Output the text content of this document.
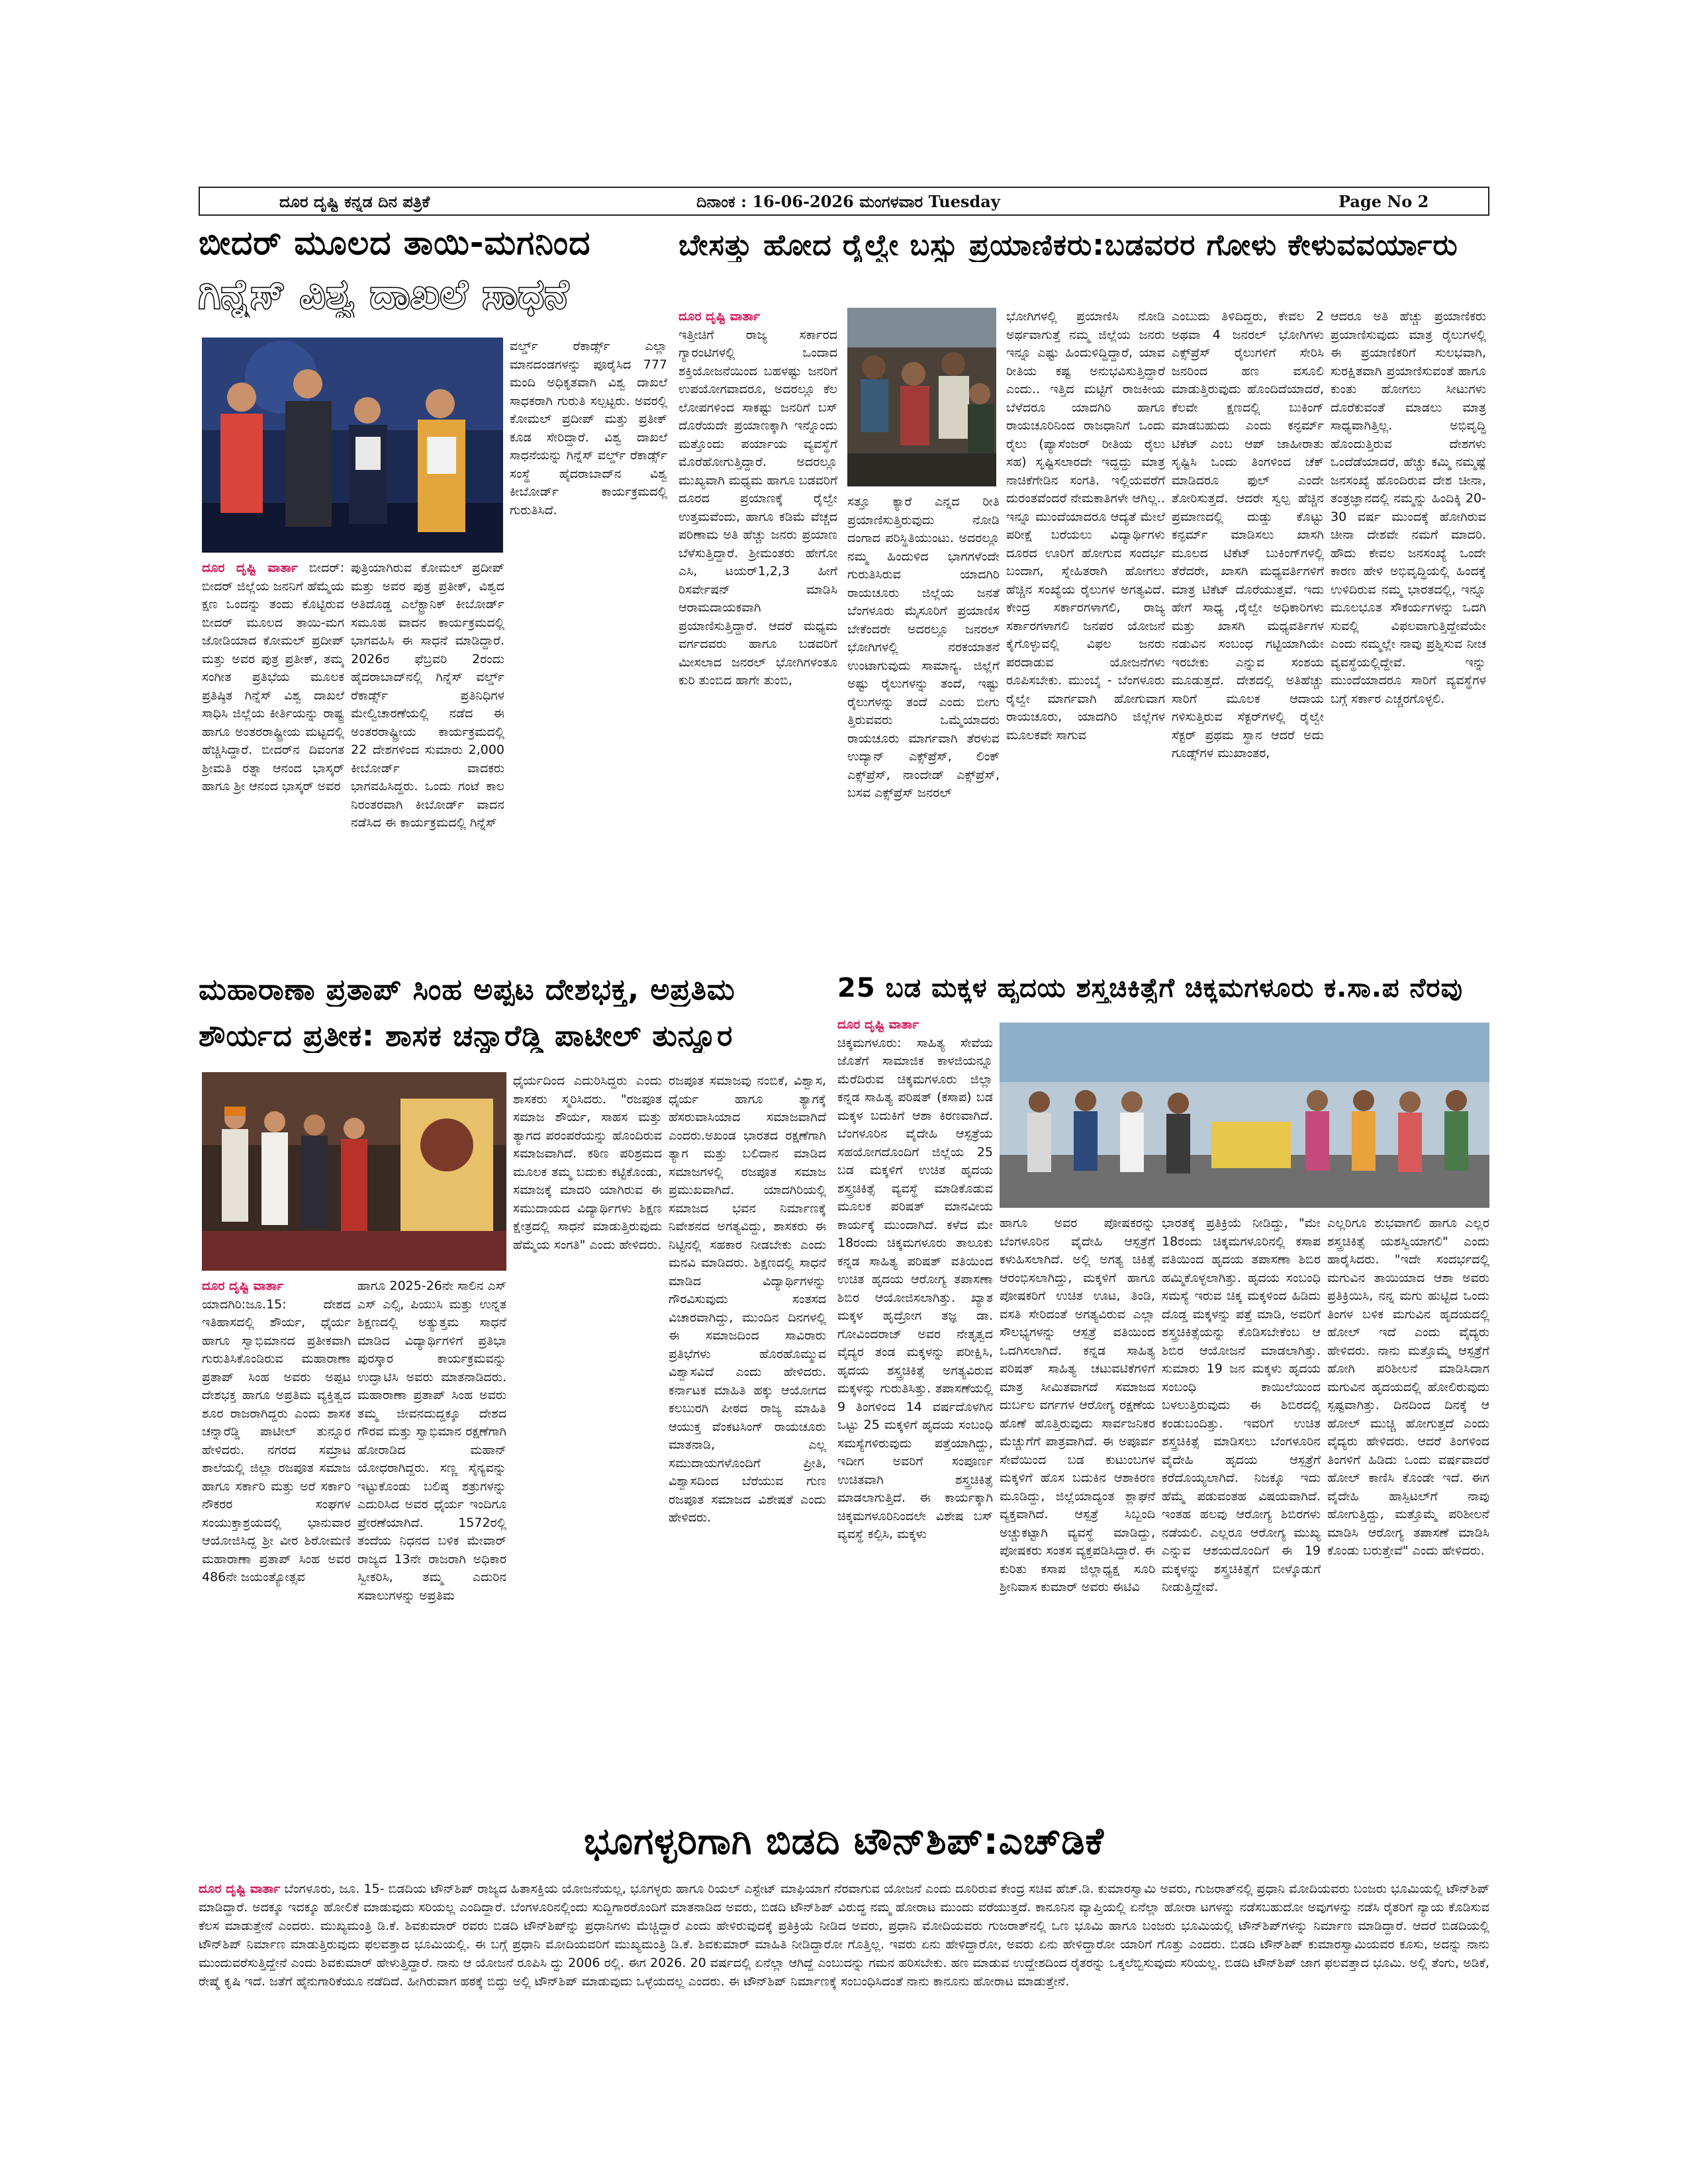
ದೂರ ದೃಷ್ಟಿ ಕನ್ನಡ ದಿನ ಪತ್ರಿಕೆ	ದಿನಾಂಕ : 16-06-2026 ಮಂಗಳವಾರ Tuesday	Page No 2
ಬೀದರ್ ಮೂಲದ ತಾಯಿ-ಮಗನಿಂದ
ಗಿನ್ನೆಸ್ ವಿಶ್ವ ದಾಖಲೆ ಸಾಧನೆ
ವರ್ಲ್ಡ್ ರೆಕಾರ್ಡ್ಸ್ ಎಲ್ಲಾ ಮಾನದಂಡಗಳನ್ನು ಪೂರೈಸಿದ 777 ಮಂದಿ ಅಧಿಕೃತವಾಗಿ ವಿಶ್ವ ದಾಖಲೆ ಸಾಧಕರಾಗಿ ಗುರುತಿ ಸಲ್ಪಟ್ಟರು. ಅವರಲ್ಲಿ ಕೋಮಲ್ ಪ್ರದೀಪ್ ಮತ್ತು ಪ್ರತೀಕ್ ಕೂಡ ಸೇರಿದ್ದಾರೆ. ವಿಶ್ವ ದಾಖಲೆ ಸಾಧನೆಯನ್ನು ಗಿನ್ನೆಸ್ ವರ್ಲ್ಡ್ ರೆಕಾರ್ಡ್ಸ್ ಸಂಸ್ಥೆ ಹೈದರಾಬಾದ್‌ನ ವಿಶ್ವ ಕೀಬೋರ್ಡ್ ಕಾರ್ಯಕ್ರಮದಲ್ಲಿ ಗುರುತಿಸಿದೆ.
ದೂರ ದೃಷ್ಟಿ ವಾರ್ತಾ ಬೀದರ್: ಬೀದರ್ ಜಿಲ್ಲೆಯ ಜನನಿಗೆ ಹೆಮ್ಮೆಯ ಕ್ಷಣ ಒಂದನ್ನು ತಂದು ಕೊಟ್ಟಿರುವ ಬೀದರ್ ಮೂಲದ ತಾಯಿ-ಮಗ ಜೋಡಿಯಾದ ಕೋಮಲ್ ಪ್ರದೀಪ್ ಮತ್ತು ಅವರ ಪುತ್ರ ಪ್ರತೀಕ್, ತಮ್ಮ ಸಂಗೀತ ಪ್ರತಿಭೆಯ ಮೂಲಕ ಪ್ರತಿಷ್ಠಿತ ಗಿನ್ನೆಸ್ ವಿಶ್ವ ದಾಖಲೆ ಸಾಧಿಸಿ ಜಿಲ್ಲೆಯ ಕೀರ್ತಿಯನ್ನು ರಾಷ್ಟ್ರ ಹಾಗೂ ಅಂತರರಾಷ್ಟ್ರೀಯ ಮಟ್ಟದಲ್ಲಿ ಹೆಚ್ಚಿಸಿದ್ದಾರೆ. ಬೀದರ್‌ನ ದಿವಂಗತ ಶ್ರೀಮತಿ ರತ್ನಾ ಆನಂದ ಭಾಸ್ಕರ್ ಹಾಗೂ ಶ್ರೀ ಆನಂದ ಭಾಸ್ಕರ್ ಅವರ
ಪುತ್ರಿಯಾಗಿರುವ ಕೋಮಲ್ ಪ್ರದೀಪ್ ಮತ್ತು ಅವರ ಪುತ್ರ ಪ್ರತೀಕ್, ವಿಶ್ವದ ಅತಿದೊಡ್ಡ ಎಲೆಕ್ಟ್ರಾನಿಕ್ ಕೀಬೋರ್ಡ್ ಸಮೂಹ ವಾದನ ಕಾರ್ಯಕ್ರಮದಲ್ಲಿ ಭಾಗವಹಿಸಿ ಈ ಸಾಧನೆ ಮಾಡಿದ್ದಾರೆ. 2026ರ ಫೆಬ್ರವರಿ 2ರಂದು ಹೈದರಾಬಾದ್‌ನಲ್ಲಿ ಗಿನ್ನೆಸ್ ವರ್ಲ್ಡ್ ರೆಕಾರ್ಡ್ಸ್ ಪ್ರತಿನಿಧಿಗಳ ಮೇಲ್ವಿಚಾರಣೆಯಲ್ಲಿ ನಡೆದ ಈ ಅಂತರರಾಷ್ಟ್ರೀಯ ಕಾರ್ಯಕ್ರಮದಲ್ಲಿ 22 ದೇಶಗಳಿಂದ ಸುಮಾರು 2,000 ಕೀಬೋರ್ಡ್ ವಾದಕರು ಭಾಗವಹಿಸಿದ್ದರು. ಒಂದು ಗಂಟೆ ಕಾಲ ನಿರಂತರವಾಗಿ ಕೀಬೋರ್ಡ್ ವಾದನ ನಡೆಸಿದ ಈ ಕಾರ್ಯಕ್ರಮದಲ್ಲಿ ಗಿನ್ನೆಸ್
ಬೇಸತ್ತು ಹೋದ ರೈಲ್ವೇ ಬಸ್ಸು ಪ್ರಯಾಣಿಕರು:ಬಡವರರ ಗೋಳು ಕೇಳುವವರ್ಯಾರು
ದೂರ ದೃಷ್ಟಿ ವಾರ್ತಾ
ಇತ್ತೀಚಿಗೆ ರಾಜ್ಯ ಸರ್ಕಾರದ ಗ್ಯಾರಂಟಿಗಳಲ್ಲಿ ಒಂದಾದ ಶಕ್ತಿಯೋಜನೆಯಿಂದ ಬಹಳಷ್ಟು ಜನರಿಗೆ ಉಪಯೋಗವಾದರೂ, ಅದರಲ್ಲೂ ಕೆಲ ಲೋಪಗಳಿಂದ ಸಾಕಷ್ಟು ಜನರಿಗೆ ಬಸ್ ದೊರೆಯದೇ ಪ್ರಯಾಣಕ್ಕಾಗಿ ಇನ್ನೊಂದು ಮತ್ತೊಂದು ಪರ್ಯಾಯ ವ್ಯವಸ್ಥೆಗೆ ಮೊರೆಹೋಗುತ್ತಿದ್ದಾರೆ. ಅದರಲ್ಲೂ ಮುಖ್ಯವಾಗಿ ಮಧ್ಯಮ ಹಾಗೂ ಬಡವರಿಗೆ ದೂರದ ಪ್ರಯಾಣಕ್ಕೆ ರೈಲ್ವೇ ಉತ್ತಮವೆಂದು, ಹಾಗೂ ಕಡಿಮೆ ವೆಚ್ಚದ ಪರಿಣಾಮ ಅತಿ ಹೆಚ್ಚು ಜನರು ಪ್ರಯಾಣ ಬೆಳೆಸುತ್ತಿದ್ದಾರೆ. ಶ್ರೀಮಂತರು ಹೇಗೋ ಎಸಿ, ಟಯರ್1,2,3 ಹೀಗೆ ರಿಸರ್ವೇಷನ್ ಮಾಡಿಸಿ ಆರಾಮದಾಯಕವಾಗಿ ಪ್ರಯಾಣಿಸುತ್ತಿದ್ದಾರೆ. ಆದರೆ ಮಧ್ಯಮ ವರ್ಗದವರು ಹಾಗೂ ಬಡವರಿಗೆ ಮೀಸಲಾದ ಜನರಲ್ ಭೋಗಿಗಳಂತೂ ಕುರಿ ತುಂಬಿದ ಹಾಗೇ ತುಂಬಿ,
ಸತ್ತೂ ಕ್ಯಾರೆ ಎನ್ನದ ರೀತಿ ಪ್ರಯಾಣಿಸುತ್ತಿರುವುದು ನೋಡಿ ದಂಗಾದ ಪರಿಸ್ಥಿತಿಯುಂಟು. ಅದರಲ್ಲೂ ನಮ್ಮ ಹಿಂದುಳಿದ ಭಾಗಗಳೆಂದೇ ಗುರುತಿಸಿರುವ ಯಾದಗಿರಿ ರಾಯಚೂರು ಜಿಲ್ಲೆಯ ಜನತೆ ಬೆಂಗಳೂರು ಮೈಸೂರಿಗೆ ಪ್ರಯಾಣಿಸ ಬೇಕೆಂದರೇ ಅದರಲ್ಲೂ ಜನರಲ್ ಭೋಗಿಗಳಲ್ಲಿ ನರಕಯಾತನೆ ಉಂಟಾಗುವುದು ಸಾಮಾನ್ಯ. ಜಿಲ್ಲೆಗೆ ಅಷ್ಟು ರೈಲುಗಳನ್ನು ತಂದೆ, ಇಷ್ಟು ರೈಲುಗಳನ್ನು ತಂದೆ ಎಂದು ಬೀಗು ತ್ತಿರುವವರು ಒಮ್ಮೆಯಾದರು ರಾಯಚೂರು ಮಾರ್ಗವಾಗಿ ತೆರಳುವ ಉದ್ಯಾನ್ ಎಕ್ಸ್‌ಪ್ರೆಸ್, ಲಿಂಕ್ ಎಕ್ಸ್‌ಪ್ರೆಸ್, ನಾಂದೇಡ್ ಎಕ್ಸ್‌ಪ್ರೆಸ್, ಬಸವ ಎಕ್ಸ್‌ಪ್ರೆಸ್ ಜನರಲ್
ಭೋಗಿಗಳಲ್ಲಿ ಪ್ರಯಾಣಿಸಿ ನೋಡಿ ಅರ್ಥವಾಗುತ್ತೆ ನಮ್ಮ ಜಿಲ್ಲೆಯ ಜನರು ಇನ್ನೂ ಎಷ್ಟು ಹಿಂದುಳಿದ್ದಿದ್ದಾರೆ, ಯಾವ ರೀತಿಯ ಕಷ್ಟ ಅನುಭವಿಸುತ್ತಿದ್ದಾರೆ ಎಂದು.. ಇತ್ತಿದ ಮಟ್ಟಿಗೆ ರಾಜಕೀಯ ಬೆಳೆದರೂ ಯಾದಗಿರಿ ಹಾಗೂ ರಾಯಚೂರಿನಿಂದ ರಾಜಧಾನಿಗೆ ಒಂದು ರೈಲು (ಪ್ಯಾಸೆಂಜರ್ ರೀತಿಯ ರೈಲು ಸಹ) ಸೃಷ್ಟಿಸಲಾರದೇ ಇದ್ದದ್ದು ಮಾತ್ರ ನಾಚಿಕೆಗೇಡಿನ ಸಂಗತಿ. ಇಲ್ಲಿಯವರೆಗೆ ದುರಂತವೆಂದರೆ ನೇಮಕಾತಿಗಳೇ ಆಗಿಲ್ಲ.. ಇನ್ನೂ ಮುಂದೆಯಾದರೂ ಆದ್ಯತೆ ಮೇಲೆ ಪರೀಕ್ಷೆ ಬರೆಯಲು ವಿದ್ಯಾರ್ಥಿಗಳು ದೂರದ ಊರಿಗೆ ಹೋಗುವ ಸಂದರ್ಭ ಬಂದಾಗ, ಸ್ನೇಹಿತರಾಗಿ ಹೋಗಲು ಹೆಚ್ಚಿನ ಸಂಖ್ಯೆಯ ರೈಲುಗಳ ಅಗತ್ಯವಿದೆ. ಕೇಂದ್ರ ಸರ್ಕಾರಗಳಾಗಲಿ, ರಾಜ್ಯ ಸರ್ಕಾರಗಳಾಗಲಿ ಜನಪರ ಯೋಜನೆ ಕೈಗೊಳ್ಳುವಲ್ಲಿ ವಿಫಲ ಜನರು ಪರದಾಡುವ ಯೋಜನೆಗಳು ರೂಪಿಸಬೇಕು. ಮುಂಬೈ - ಬೆಂಗಳೂರು ರೈಲ್ವೇ ಮಾರ್ಗವಾಗಿ ಹೋಗುವಾಗ ರಾಯಚೂರು, ಯಾದಗಿರಿ ಜಿಲ್ಲೆಗಳ ಮೂಲಕವೇ ಸಾಗುವ
ಎಂಬುದು ತಿಳಿದಿದ್ದರು, ಕೇವಲ 2 ಅಥವಾ 4 ಜನರಲ್ ಭೋಗಿಗಳು ಎಕ್ಸ್‌ಪ್ರೆಸ್ ರೈಲುಗಳಿಗೆ ಸೇರಿಸಿ ಜನರಿಂದ ಹಣ ವಸೂಲಿ ಮಾಡುತ್ತಿರುವುದು ಹೊಂದಿದೆಯಾದರೆ, ಕೆಲವೇ ಕ್ಷಣದಲ್ಲಿ ಬುಕಿಂಗ್ ಮಾಡಬಹುದು ಎಂದು ಕನ್ಫರ್ಮ್ ಟಿಕೆಟ್ ಎಂಬ ಆಪ್ ಜಾಹೀರಾತು ಸೃಷ್ಟಿಸಿ ಒಂದು ತಿಂಗಳಿಂದ ಚೆಕ್ ಮಾಡಿದರೂ ಫುಲ್ ಎಂದೇ ತೋರಿಸುತ್ತದೆ. ಆದರೇ ಸ್ವಲ್ಪ ಹೆಚ್ಚಿನ ಪ್ರಮಾಣದಲ್ಲಿ ದುಡ್ಡು ಕೊಟ್ಟು ಕನ್ಫರ್ಮ್ ಮಾಡಿಸಲು ಖಾಸಗಿ ಮೂಲದ ಟಿಕೆಟ್ ಬುಕಿಂಗ್‌ಗಳಲ್ಲಿ ತೆರೆದರೇ, ಖಾಸಗಿ ಮಧ್ಯವರ್ತಿಗಳಿಗೆ ಮಾತ್ರ ಟಿಕೆಟ್ ದೊರೆಯುತ್ತವೆ. ಇದು ಹೇಗೆ ಸಾಧ್ಯ ,ರೈಲ್ವೇ ಅಧಿಕಾರಿಗಳು ಮತ್ತು ಖಾಸಗಿ ಮಧ್ಯವರ್ತಿಗಳ ನಡುವಿನ ಸಂಬಂಧ ಗಟ್ಟಿಯಾಗಿಯೇ ಇರಬೇಕು ಎನ್ನುವ ಸಂಶಯ ಮೂಡುತ್ತದೆ. ದೇಶದಲ್ಲಿ ಅತಿಹೆಚ್ಚು ಸಾರಿಗೆ ಮೂಲಕ ಆದಾಯ ಗಳಿಸುತ್ತಿರುವ ಸೆಕ್ಟರ್‌ಗಳಲ್ಲಿ ರೈಲ್ವೇ ಸೆಕ್ಟರ್ ಪ್ರಥಮ ಸ್ಥಾನ ಆದರೆ ಅದು ಗೂಡ್ಸ್‌ಗಳ ಮುಖಾಂತರ,
ಆದರೂ ಅತಿ ಹೆಚ್ಚು ಪ್ರಯಾಣಿಕರು ಪ್ರಯಾಣಿಸುವುದು ಮಾತ್ರ ರೈಲುಗಳಲ್ಲಿ ಈ ಪ್ರಯಾಣಿಕರಿಗೆ ಸುಲಭವಾಗಿ, ಸುರಕ್ಷಿತವಾಗಿ ಪ್ರಯಾಣಿಸುವಂತೆ ಹಾಗೂ ಕುಂತು ಹೋಗಲು ಸೀಟುಗಳು ದೊರೆಕುವಂತೆ ಮಾಡಲು ಮಾತ್ರ ಸಾಧ್ಯವಾಗಿತ್ತಿಲ್ಲ. ಅಭಿವೃದ್ಧಿ ಹೊಂದುತ್ತಿರುವ ದೇಶಗಳು ಒಂದೆಡೆಯಾದರೆ, ಹೆಚ್ಚು ಕಮ್ಮಿ ನಮ್ಮಷ್ಟೆ ಜನಸಂಖ್ಯೆ ಹೊಂದಿರುವ ದೇಶ ಚೀನಾ, ತಂತ್ರಜ್ಞಾನದಲ್ಲಿ ನಮ್ಮನ್ನು ಹಿಂದಿಕ್ಕಿ 20-30 ವರ್ಷ ಮುಂದಕ್ಕೆ ಹೋಗಿರುವ ಚೀನಾ ದೇಶವೇ ನಮಗೆ ಮಾದರಿ. ಹೌದು ಕೇವಲ ಜನಸಂಖ್ಯೆ ಒಂದೇ ಕಾರಣ ಹೇಳಿ ಅಭಿವೃದ್ಧಿಯಲ್ಲಿ ಹಿಂದಕ್ಕೆ ಉಳಿದಿರುವ ನಮ್ಮ ಭಾರತದಲ್ಲಿ, ಇನ್ನೂ ಮೂಲಭೂತ ಸೌಕರ್ಯಗಳನ್ನು ಒದಗಿ ಸುವಲ್ಲಿ ವಿಫಲವಾಗುತ್ತಿದ್ದೇವೆಯೇ ಎಂದು ನಮ್ಮಲ್ಲೇ ನಾವು ಪ್ರಶ್ನಿಸುವ ನೀಚ ವ್ಯವಸ್ಥೆಯಲ್ಲಿದ್ದೇವೆ. ಇನ್ನು ಮುಂದೆಯಾದರೂ ಸಾರಿಗೆ ವ್ಯವಸ್ಥೆಗಳ ಬಗ್ಗೆ ಸರ್ಕಾರ ಎಚ್ಚರಗೊಳ್ಳಲಿ.
ಮಹಾರಾಣಾ ಪ್ರತಾಪ್ ಸಿಂಹ ಅಪ್ಪಟ ದೇಶಭಕ್ತ, ಅಪ್ರತಿಮ
ಶೌರ್ಯದ ಪ್ರತೀಕ: ಶಾಸಕ ಚನ್ನಾರೆಡ್ಡಿ ಪಾಟೀಲ್ ತುನ್ನೂರ
ಧೈರ್ಯದಿಂದ ಎದುರಿಸಿದ್ದರು ಎಂದು ಶಾಸಕರು ಸ್ಮರಿಸಿದರು. "ರಜಪೂತ ಸಮಾಜ ಶೌರ್ಯ, ಸಾಹಸ ಮತ್ತು ತ್ಯಾಗದ ಪರಂಪರೆಯನ್ನು ಹೊಂದಿರುವ ಸಮಾಜವಾಗಿದೆ. ಕಠಿಣ ಪರಿಶ್ರಮದ ಮೂಲಕ ತಮ್ಮ ಬದುಕು ಕಟ್ಟಿಕೊಂಡು, ಸಮಾಜಕ್ಕೆ ಮಾದರಿ ಯಾಗಿರುವ ಈ ಸಮುದಾಯದ ವಿದ್ಯಾರ್ಥಿಗಳು ಶಿಕ್ಷಣ ಕ್ಷೇತ್ರದಲ್ಲಿ ಸಾಧನೆ ಮಾಡುತ್ತಿರುವುದು ಹೆಮ್ಮೆಯ ಸಂಗತಿ" ಎಂದು ಹೇಳಿದರು.
ರಜಪೂತ ಸಮಾಜವು ನಂಬಿಕೆ, ವಿಶ್ವಾಸ, ಧೈರ್ಯ ಹಾಗೂ ತ್ಯಾಗಕ್ಕೆ ಹೆಸರುವಾಸಿಯಾದ ಸಮಾಜವಾಗಿದೆ ಎಂದರು.ಅಖಂಡ ಭಾರತದ ರಕ್ಷಣೆಗಾಗಿ ತ್ಯಾಗ ಮತ್ತು ಬಲಿದಾನ ಮಾಡಿದ ಸಮಾಜಗಳಲ್ಲಿ ರಜಪೂತ ಸಮಾಜ ಪ್ರಮುಖವಾಗಿದೆ. ಯಾದಗಿರಿಯಲ್ಲಿ ಸಮಾಜದ ಭವನ ನಿರ್ಮಾಣಕ್ಕೆ ನಿವೇಶನದ ಅಗತ್ಯವಿದ್ದು, ಶಾಸಕರು ಈ ನಿಟ್ಟಿನಲ್ಲಿ ಸಹಕಾರ ನೀಡಬೇಕು ಎಂದು ಮನವಿ ಮಾಡಿದರು. ಶಿಕ್ಷಣದಲ್ಲಿ ಸಾಧನೆ ಮಾಡಿದ ವಿದ್ಯಾರ್ಥಿಗಳನ್ನು ಗೌರವಿಸುವುದು ಸಂತಸದ ವಿಚಾರವಾಗಿದ್ದು, ಮುಂದಿನ ದಿನಗಳಲ್ಲಿ ಈ ಸಮಾಜದಿಂದ ಸಾವಿರಾರು ಪ್ರತಿಭೆಗಳು ಹೊರಹೊಮ್ಮುವ ವಿಶ್ವಾಸವಿದೆ ಎಂದು ಹೇಳಿದರು. ಕರ್ನಾಟಕ ಮಾಹಿತಿ ಹಕ್ಕು ಆಯೋಗದ ಕಲಬುರಗಿ ಪೀಠದ ರಾಜ್ಯ ಮಾಹಿತಿ ಆಯುಕ್ತ ವೆಂಕಟಸಿಂಗ್ ರಾಯಚೂರು ಮಾತನಾಡಿ, ಎಲ್ಲ ಸಮುದಾಯಗಳೊಂದಿಗೆ ಪ್ರೀತಿ, ವಿಶ್ವಾಸದಿಂದ ಬೆರೆಯುವ ಗುಣ ರಜಪೂತ ಸಮಾಜದ ವಿಶೇಷತೆ ಎಂದು ಹೇಳಿದರು.
ದೂರ ದೃಷ್ಟಿ ವಾರ್ತಾ
ಯಾದಗಿರಿ:ಜೂ.15: ದೇಶದ ಇತಿಹಾಸದಲ್ಲಿ ಶೌರ್ಯ, ಧೈರ್ಯ ಹಾಗೂ ಸ್ವಾಭಿಮಾನದ ಪ್ರತೀಕವಾಗಿ ಗುರುತಿಸಿಕೊಂಡಿರುವ ಮಹಾರಾಣಾ ಪ್ರತಾಪ್ ಸಿಂಹ ಅವರು ಅಪ್ಪಟ ದೇಶಭಕ್ತ ಹಾಗೂ ಅಪ್ರತಿಮ ವ್ಯಕ್ತಿತ್ವದ ಶೂರ ರಾಜರಾಗಿದ್ದರು ಎಂದು ಶಾಸಕ ಚನ್ನಾರೆಡ್ಡಿ ಪಾಟೀಲ್ ತುನ್ನೂರ ಹೇಳಿದರು. ನಗರದ ಸಮ್ರಾಟ ಶಾಲೆಯಲ್ಲಿ ಜಿಲ್ಲಾ ರಜಪೂತ ಸಮಾಜ ಹಾಗೂ ಸರ್ಕಾರಿ ಮತ್ತು ಅರೆ ಸರ್ಕಾರಿ ನೌಕರರ ಸಂಘಗಳ ಸಂಯುಕ್ತಾಶ್ರಯದಲ್ಲಿ ಭಾನುವಾರ ಆಯೋಜಿಸಿದ್ದ ಶ್ರೀ ವೀರ ಶಿರೋಮಣಿ ಮಹಾರಾಣಾ ಪ್ರತಾಪ್ ಸಿಂಹ ಅವರ 486ನೇ ಜಯಂತ್ಯೋತ್ಸವ
ಹಾಗೂ 2025-26ನೇ ಸಾಲಿನ ಎಸ್ ಎಸ್ ಎಲ್ಸಿ, ಪಿಯುಸಿ ಮತ್ತು ಉನ್ನತ ಶಿಕ್ಷಣದಲ್ಲಿ ಅತ್ಯುತ್ತಮ ಸಾಧನೆ ಮಾಡಿದ ವಿದ್ಯಾರ್ಥಿಗಳಿಗೆ ಪ್ರತಿಭಾ ಪುರಸ್ಕಾರ ಕಾರ್ಯಕ್ರಮವನ್ನು ಉದ್ಘಾಟಿಸಿ ಅವರು ಮಾತನಾಡಿದರು. ಮಹಾರಾಣಾ ಪ್ರತಾಪ್ ಸಿಂಹ ಅವರು ತಮ್ಮ ಜೀವನದುದ್ದಕ್ಕೂ ದೇಶದ ಗೌರವ ಮತ್ತು ಸ್ವಾಭಿಮಾನ ರಕ್ಷಣೆಗಾಗಿ ಹೋರಾಡಿದ ಮಹಾನ್ ಯೋಧರಾಗಿದ್ದರು. ಸಣ್ಣ ಸೈನ್ಯವನ್ನು ಇಟ್ಟುಕೊಂಡು ಬಲಿಷ್ಠ ಶತ್ರುಗಳನ್ನು ಎದುರಿಸಿದ ಅವರ ಧೈರ್ಯ ಇಂದಿಗೂ ಪ್ರೇರಣೆಯಾಗಿದೆ. 1572ರಲ್ಲಿ ತಂದೆಯ ನಿಧನದ ಬಳಿಕ ಮೇವಾರ್ ರಾಜ್ಯದ 13ನೇ ರಾಜರಾಗಿ ಅಧಿಕಾರ ಸ್ವೀಕರಿಸಿ, ತಮ್ಮ ಎದುರಿನ ಸವಾಲುಗಳನ್ನು ಅಪ್ರತಿಮ
25 ಬಡ ಮಕ್ಕಳ ಹೃದಯ ಶಸ್ತ್ರಚಿಕಿತ್ಸೆಗೆ ಚಿಕ್ಕಮಗಳೂರು ಕ.ಸಾ.ಪ ನೆರವು
ದೂರ ದೃಷ್ಟಿ ವಾರ್ತಾ
ಚಿಕ್ಕಮಗಳೂರು: ಸಾಹಿತ್ಯ ಸೇವೆಯ ಜೊತೆಗೆ ಸಾಮಾಜಿಕ ಕಾಳಜಿಯನ್ನೂ ಮೆರೆದಿರುವ ಚಿಕ್ಕಮಗಳೂರು ಜಿಲ್ಲಾ ಕನ್ನಡ ಸಾಹಿತ್ಯ ಪರಿಷತ್ (ಕಸಾಪ) ಬಡ ಮಕ್ಕಳ ಬದುಕಿಗೆ ಆಶಾ ಕಿರಣವಾಗಿದೆ. ಬೆಂಗಳೂರಿನ ವೈದೇಹಿ ಆಸ್ಪತ್ರೆಯ ಸಹಯೋಗದೊಂದಿಗೆ ಜಿಲ್ಲೆಯ 25 ಬಡ ಮಕ್ಕಳಿಗೆ ಉಚಿತ ಹೃದಯ ಶಸ್ತ್ರಚಿಕಿತ್ಸೆ ವ್ಯವಸ್ಥೆ ಮಾಡಿಕೊಡುವ ಮೂಲಕ ಪರಿಷತ್ ಮಾನವೀಯ ಕಾರ್ಯಕ್ಕೆ ಮುಂದಾಗಿದೆ. ಕಳೆದ ಮೇ 18ರಂದು ಚಿಕ್ಕಮಗಳೂರು ತಾಲೂಕು ಕನ್ನಡ ಸಾಹಿತ್ಯ ಪರಿಷತ್ ವತಿಯಿಂದ ಉಚಿತ ಹೃದಯ ಆರೋಗ್ಯ ತಪಾಸಣಾ ಶಿಬಿರ ಆಯೋಜಿಸಲಾಗಿತ್ತು. ಖ್ಯಾತ ಮಕ್ಕಳ ಹೃದ್ರೋಗ ತಜ್ಞ ಡಾ. ಗೋವಿಂದರಾಜ್ ಅವರ ನೇತೃತ್ವದ ವೈದ್ಯರ ತಂಡ ಮಕ್ಕಳನ್ನು ಪರೀಕ್ಷಿಸಿ, ಹೃದಯ ಶಸ್ತ್ರಚಿಕಿತ್ಸೆ ಅಗತ್ಯವಿರುವ ಮಕ್ಕಳನ್ನು ಗುರುತಿಸಿತ್ತು. ತಪಾಸಣೆಯಲ್ಲಿ 9 ತಿಂಗಳಿಂದ 14 ವರ್ಷದೊಳಗಿನ ಒಟ್ಟು 25 ಮಕ್ಕಳಿಗೆ ಹೃದಯ ಸಂಬಂಧಿ ಸಮಸ್ಯೆಗಳಿರುವುದು ಪತ್ತೆಯಾಗಿದ್ದು, ಇದೀಗ ಅವರಿಗೆ ಸಂಪೂರ್ಣ ಉಚಿತವಾಗಿ ಶಸ್ತ್ರಚಿಕಿತ್ಸೆ ಮಾಡಲಾಗುತ್ತಿದೆ. ಈ ಕಾರ್ಯಕ್ಕಾಗಿ ಚಿಕ್ಕಮಗಳೂರಿನಿಂದಲೇ ವಿಶೇಷ ಬಸ್ ವ್ಯವಸ್ಥೆ ಕಲ್ಪಿಸಿ, ಮಕ್ಕಳು
ಹಾಗೂ ಅವರ ಪೋಷಕರನ್ನು ಬೆಂಗಳೂರಿನ ವೈದೇಹಿ ಆಸ್ಪತ್ರೆಗೆ ಕಳುಹಿಸಲಾಗಿದೆ. ಅಲ್ಲಿ ಅಗತ್ಯ ಚಿಕಿತ್ಸೆ ಆರಂಭಿಸಲಾಗಿದ್ದು, ಮಕ್ಕಳಿಗೆ ಹಾಗೂ ಪೋಷಕರಿಗೆ ಉಚಿತ ಊಟ, ತಿಂಡಿ, ವಸತಿ ಸೇರಿದಂತೆ ಅಗತ್ಯವಿರುವ ಎಲ್ಲಾ ಸೌಲಭ್ಯಗಳನ್ನು ಆಸ್ಪತ್ರೆ ವತಿಯಿಂದ ಒದಗಿಸಲಾಗಿದೆ. ಕನ್ನಡ ಸಾಹಿತ್ಯ ಪರಿಷತ್ ಸಾಹಿತ್ಯ ಚಟುವಟಿಕೆಗಳಿಗೆ ಮಾತ್ರ ಸೀಮಿತವಾಗದೆ ಸಮಾಜದ ದುರ್ಬಲ ವರ್ಗಗಳ ಆರೋಗ್ಯ ರಕ್ಷಣೆಯ ಹೊಣೆ ಹೊತ್ತಿರುವುದು ಸಾರ್ವಜನಿಕರ ಮೆಚ್ಚುಗೆಗೆ ಪಾತ್ರವಾಗಿದೆ. ಈ ಅಪೂರ್ವ ಸೇವೆಯಿಂದ ಬಡ ಕುಟುಂಬಗಳ ಮಕ್ಕಳಿಗೆ ಹೊಸ ಬದುಕಿನ ಆಶಾಕಿರಣ ಮೂಡಿದ್ದು, ಜಿಲ್ಲೆಯಾದ್ಯಂತ ಶ್ಲಾಘನೆ ವ್ಯಕ್ತವಾಗಿದೆ. ಆಸ್ಪತ್ರೆ ಸಿಬ್ಬಂದಿ ಅಚ್ಚುಕಟ್ಟಾಗಿ ವ್ಯವಸ್ಥೆ ಮಾಡಿದ್ದು, ಪೋಷಕರು ಸಂತಸ ವ್ಯಕ್ತಪಡಿಸಿದ್ದಾರೆ. ಈ ಕುರಿತು ಕಸಾಪ ಜಿಲ್ಲಾಧ್ಯಕ್ಷ ಸೂರಿ ಶ್ರೀನಿವಾಸ ಕುಮಾರ್ ಅವರು ಈಟಿವಿ
ಭಾರತಕ್ಕೆ ಪ್ರತಿಕ್ರಿಯೆ ನೀಡಿದ್ದು, "ಮೇ 18ರಂದು ಚಿಕ್ಕಮಗಳೂರಿನಲ್ಲಿ ಕಸಾಪ ವತಿಯಿಂದ ಹೃದಯ ತಪಾಸಣಾ ಶಿಬಿರ ಹಮ್ಮಿಕೊಳ್ಳಲಾಗಿತ್ತು. ಹೃದಯ ಸಂಬಂಧಿ ಸಮಸ್ಯೆ ಇರುವ ಚಿಕ್ಕ ಮಕ್ಕಳಿಂದ ಹಿಡಿದು ದೊಡ್ಡ ಮಕ್ಕಳನ್ನು ಪತ್ತೆ ಮಾಡಿ, ಅವರಿಗೆ ಶಸ್ತ್ರಚಿಕಿತ್ಸೆಯನ್ನು ಕೊಡಿಸಬೇಕೆಂಬ ಆ ಶಿಬಿರ ಆಯೋಜನೆ ಮಾಡಲಾಗಿತ್ತು. ಸುಮಾರು 19 ಜನ ಮಕ್ಕಳು ಹೃದಯ ಸಂಬಂಧಿ ಕಾಯಿಲೆಯಿಂದ ಬಳಲುತ್ತಿರುವುದು ಈ ಶಿಬಿರದಲ್ಲಿ ಕಂಡುಬಂದಿತ್ತು. ಇವರಿಗೆ ಉಚಿತ ಶಸ್ತ್ರಚಿಕಿತ್ಸೆ ಮಾಡಿಸಲು ಬೆಂಗಳೂರಿನ ವೈದೇಹಿ ಹೃದಯ ಆಸ್ಪತ್ರೆಗೆ ಕರೆದೊಯ್ಯಲಾಗಿದೆ. ನಿಜಕ್ಕೂ ಇದು ಹೆಮ್ಮೆ ಪಡುವಂತಹ ವಿಷಯವಾಗಿದೆ. ಇಂತಹ ಹಲವು ಆರೋಗ್ಯ ಶಿಬಿರಗಳು ನಡೆಯಲಿ. ಎಲ್ಲರೂ ಆರೋಗ್ಯ ಮುಖ್ಯ ಎನ್ನುವ ಆಶಯದೊಂದಿಗೆ ಈ 19 ಮಕ್ಕಳನ್ನು ಶಸ್ತ್ರಚಿಕಿತ್ಸೆಗೆ ಬೀಳ್ಕೊಡುಗೆ ನೀಡುತ್ತಿದ್ದೇವೆ.
ಎಲ್ಲರಿಗೂ ಶುಭವಾಗಲಿ ಹಾಗೂ ಎಲ್ಲರ ಶಸ್ತ್ರಚಿಕಿತ್ಸೆ ಯಶಸ್ವಿಯಾಗಲಿ" ಎಂದು ಹಾರೈಸಿದರು. "ಇದೇ ಸಂದರ್ಭದಲ್ಲಿ ಮಗುವಿನ ತಾಯಿಯಾದ ಆಶಾ ಅವರು ಪ್ರತಿಕ್ರಿಯಿಸಿ, ನನ್ನ ಮಗು ಹುಟ್ಟಿದ ಒಂದು ತಿಂಗಳ ಬಳಿಕ ಮಗುವಿನ ಹೃದಯದಲ್ಲಿ ಹೋಲ್ ಇದೆ ಎಂದು ವೈದ್ಯರು ಹೇಳಿದರು. ನಾನು ಮತ್ತೊಮ್ಮೆ ಆಸ್ಪತ್ರೆಗೆ ಹೋಗಿ ಪರಿಶೀಲನೆ ಮಾಡಿಸಿದಾಗ ಮಗುವಿನ ಹೃದಯದಲ್ಲಿ ಹೋಲಿರುವುದು ಸ್ಪಷ್ಟವಾಗಿತ್ತು. ದಿನದಿಂದ ದಿನಕ್ಕೆ ಆ ಹೋಲ್ ಮುಚ್ಚಿ ಹೋಗುತ್ತದೆ ಎಂದು ವೈದ್ಯರು ಹೇಳಿದರು. ಆದರೆ ತಿಂಗಳಿಂದ ತಿಂಗಳಿಗೆ ಹಿಡಿದು ಒಂದು ವರ್ಷವಾದರೆ ಹೋಲ್ ಕಾಣಿಸಿ ಕೊಂಡೇ ಇದೆ. ಈಗ ವೈದೇಹಿ ಹಾಸ್ಪಿಟಲ್‌ಗೆ ನಾವು ಹೋಗುತ್ತಿದ್ದು, ಮತ್ತೊಮ್ಮೆ ಪರಿಶೀಲನೆ ಮಾಡಿಸಿ ಆರೋಗ್ಯ ತಪಾಸಣೆ ಮಾಡಿಸಿ ಕೊಂಡು ಬರುತ್ತೇವೆ" ಎಂದು ಹೇಳಿದರು.
ಭೂಗಳ್ಳರಿಗಾಗಿ ಬಿಡದಿ ಟೌನ್‌ಶಿಪ್:ಎಚ್‌ಡಿಕೆ
ದೂರ ದೃಷ್ಟಿ ವಾರ್ತಾ ಬೆಂಗಳೂರು, ಜೂ. 15- ಬಿಡದಿಯ ಟೌನ್‌ಶಿಪ್ ರಾಜ್ಯದ ಹಿತಾಸಕ್ತಿಯ ಯೋಜನೆಯಲ್ಲ, ಭೂಗಳ್ಳರು ಹಾಗೂ ರಿಯಲ್ ಎಸ್ಟೇಟ್ ಮಾಫಿಯಾಗೆ ನೆರವಾಗುವ ಯೋಜನೆ ಎಂದು ದೂರಿರುವ ಕೇಂದ್ರ ಸಚಿವ ಹೆಚ್.ಡಿ. ಕುಮಾರಸ್ವಾಮಿ ಅವರು, ಗುಜರಾತ್‌ನಲ್ಲಿ ಪ್ರಧಾನಿ ಮೋದಿಯವರು ಬಂಜರು ಭೂಮಿಯಲ್ಲಿ ಟೌನ್‌ಶಿಪ್ ಮಾಡಿದ್ದಾರೆ. ಅದಕ್ಕೂ ಇದಕ್ಕೂ ಹೋಲಿಕೆ ಮಾಡುವುದು ಸರಿಯಲ್ಲ ಎಂದಿದ್ದಾರೆ. ಬೆಂಗಳೂರಿನಲ್ಲಿಂದು ಸುದ್ದಿಗಾರರೊಂದಿಗೆ ಮಾತನಾಡಿದ ಅವರು, ಬಿಡದಿ ಟೌನ್‌ಶಿಪ್ ವಿರುದ್ಧ ನಮ್ಮ ಹೋರಾಟ ಮುಂದು ವರೆಯುತ್ತದೆ. ಕಾನೂನಿನ ವ್ಯಾಪ್ತಿಯಲ್ಲಿ ಏನೆಲ್ಲಾ ಹೋರಾ ಟಗಳನ್ನು ನಡೆಸಬಹುದೋ ಅವುಗಳನ್ನು ನಡೆಸಿ ರೈತರಿಗೆ ನ್ಯಾಯ ಕೊಡಿಸುವ ಕೆಲಸ ಮಾಡುತ್ತೇನೆ ಎಂದರು. ಮುಖ್ಯಮಂತ್ರಿ ಡಿ.ಕೆ. ಶಿವಕುಮಾರ್ ರವರು ಬಿಡದಿ ಟೌನ್‌ಶಿಪ್‌ನ್ನು ಪ್ರಧಾನಿಗಳು ಮೆಚ್ಚಿದ್ದಾರೆ ಎಂದು ಹೇಳಿರುವುದಕ್ಕೆ ಪ್ರತಿಕ್ರಿಯೆ ನೀಡಿದ ಅವರು, ಪ್ರಧಾನಿ ಮೋದಿಯವರು ಗುಜರಾತ್‌ನಲ್ಲಿ ಒಣ ಭೂಮಿ ಹಾಗೂ ಬಂಜರು ಭೂಮಿಯಲ್ಲಿ ಟೌನ್‌ಶಿಪ್‌ಗಳನ್ನು ನಿರ್ಮಾಣ ಮಾಡಿದ್ದಾರೆ. ಆದರೆ ಬಿಡದಿಯಲ್ಲಿ ಟೌನ್‌ಶಿಪ್ ನಿರ್ಮಾಣ ಮಾಡುತ್ತಿರುವುದು ಫಲವತ್ತಾದ ಭೂಮಿಯಲ್ಲಿ. ಈ ಬಗ್ಗೆ ಪ್ರಧಾನಿ ಮೋದಿಯವರಿಗೆ ಮುಖ್ಯಮಂತ್ರಿ ಡಿ.ಕೆ. ಶಿವಕುಮಾರ್ ಮಾಹಿತಿ ನೀಡಿದ್ದಾರೋ ಗೊತ್ತಿಲ್ಲ. ಇವರು ಏನು ಹೇಳಿದ್ದಾರೋ, ಅವರು ಏನು ಹೇಳಿದ್ದಾರೋ ಯಾರಿಗೆ ಗೊತ್ತು ಎಂದರು. ಬಿಡದಿ ಟೌನ್‌ಶಿಪ್ ಕುಮಾರಸ್ವಾಮಿಯವರ ಕೂಸು, ಅದನ್ನು ನಾನು ಮುಂದುವರೆಸುತ್ತಿದ್ದೇನೆ ಎಂದು ಶಿವಕುಮಾರ್ ಹೇಳುತ್ತಿದ್ದಾರೆ. ನಾನು ಆ ಯೋಜನೆ ರೂಪಿಸಿ ದ್ದು 2006 ರಲ್ಲಿ. ಈಗ 2026. 20 ವರ್ಷದಲ್ಲಿ ಏನೆಲ್ಲಾ ಆಗಿದ್ದೆ ಎಂಬುದನ್ನು ಗಮನ ಹರಿಸಬೇಕು. ಹಣ ಮಾಡುವ ಉದ್ದೇಶದಿಂದ ರೈತರನ್ನು ಒಕ್ಕಲೆಬ್ಬಿಸುವುದು ಸರಿಯಲ್ಲ. ಬಿಡದಿ ಟೌನ್‌ಶಿಪ್ ಜಾಗ ಫಲವತ್ತಾದ ಭೂಮಿ. ಅಲ್ಲಿ ತೆಂಗು, ಅಡಿಕೆ, ರೇಷ್ಮೆ ಕೃಷಿ ಇದೆ. ಜತೆಗೆ ಹೈನುಗಾರಿಕೆಯೂ ನಡೆದಿದೆ. ಹೀಗಿರುವಾಗ ಹಠಕ್ಕೆ ಬಿದ್ದು ಅಲ್ಲಿ ಟೌನ್‌ಶಿಪ್ ಮಾಡುವುದು ಒಳ್ಳೆಯದಲ್ಲ ಎಂದರು. ಈ ಟೌನ್‌ಶಿಪ್ ನಿರ್ಮಾಣಕ್ಕೆ ಸಂಬಂಧಿಸಿದಂತೆ ನಾನು ಕಾನೂನು ಹೋರಾಟ ಮಾಡುತ್ತೇನೆ.
